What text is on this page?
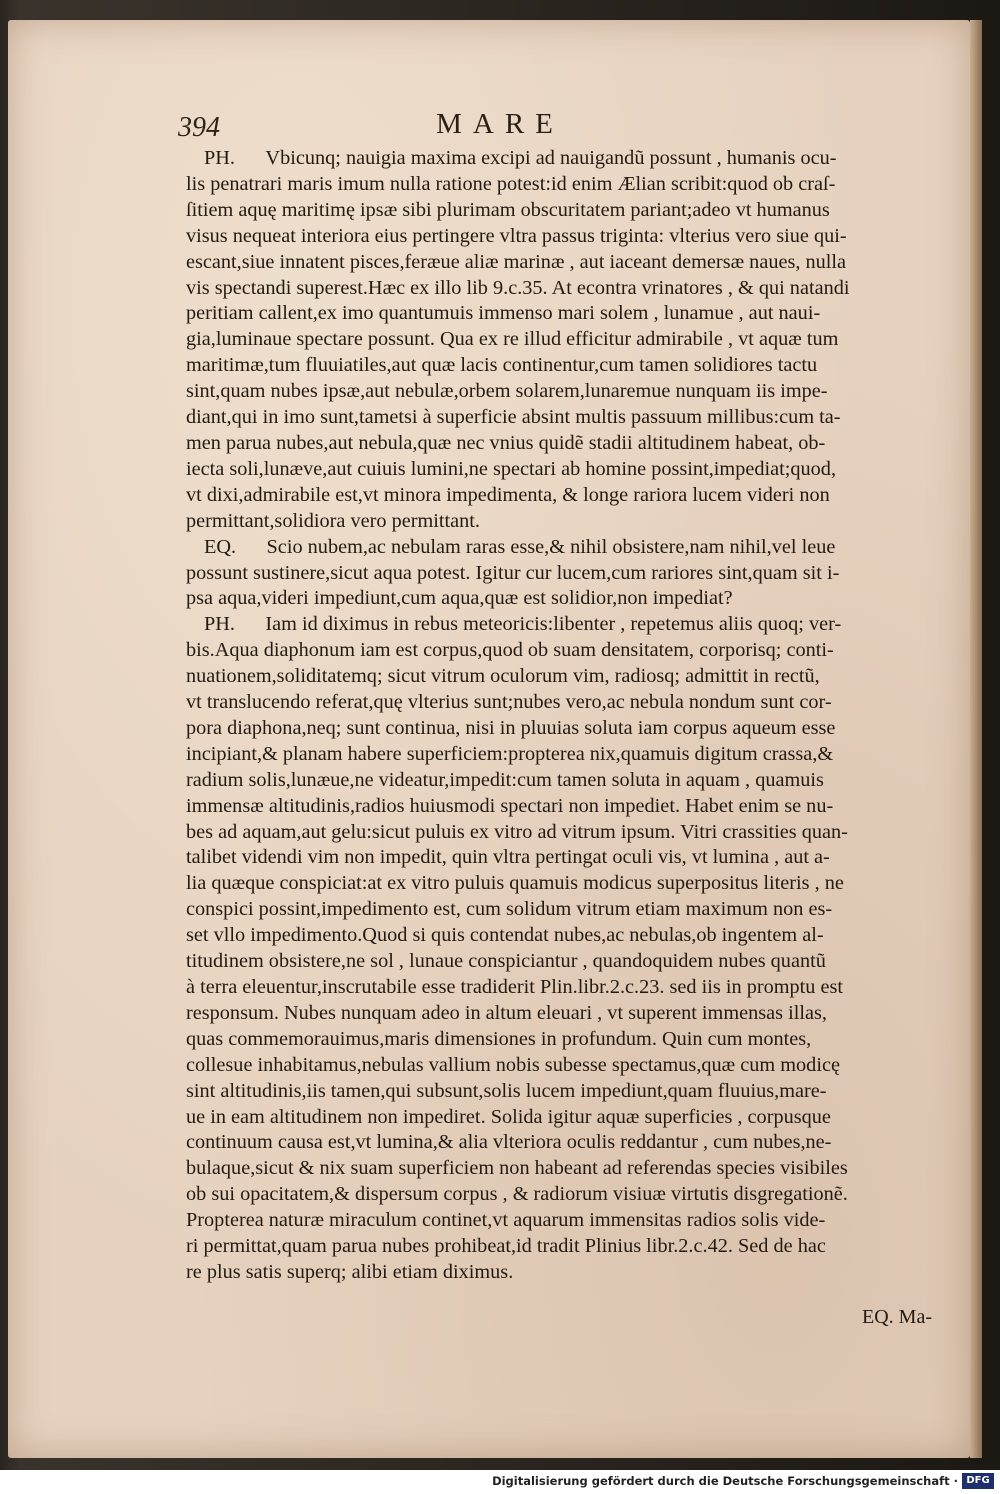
394	MARE
PH.   Vbicunq; nauigia maxima excipi ad nauigandũ possunt , humanis ocu-
lis penatrari maris imum nulla ratione potest:id enim Ælian scribit:quod ob craſ-
ſitiem aquę maritimę ipsæ sibi plurimam obscuritatem pariant;adeo vt humanus
visus nequeat interiora eius pertingere vltra passus triginta: vlterius vero siue qui-
escant,siue innatent pisces,feræue aliæ marinæ , aut iaceant demersæ naues, nulla
vis spectandi superest.Hæc ex illo lib 9.c.35. At econtra vrinatores , & qui natandi
peritiam callent,ex imo quantumuis immenso mari solem , lunamue , aut naui-
gia,luminaue spectare possunt. Qua ex re illud efficitur admirabile , vt aquæ tum
maritimæ,tum fluuiatiles,aut quæ lacis continentur,cum tamen solidiores tactu
sint,quam nubes ipsæ,aut nebulæ,orbem solarem,lunaremue nunquam iis impe-
diant,qui in imo sunt,tametsi à superficie absint multis passuum millibus:cum ta-
men parua nubes,aut nebula,quæ nec vnius quidẽ stadii altitudinem habeat, ob-
iecta soli,lunæve,aut cuiuis lumini,ne spectari ab homine possint,impediat;quod,
vt dixi,admirabile est,vt minora impedimenta, & longe rariora lucem videri non
permittant,solidiora vero permittant.
EQ.   Scio nubem,ac nebulam raras esse,& nihil obsistere,nam nihil,vel leue
possunt sustinere,sicut aqua potest. Igitur cur lucem,cum rariores sint,quam sit i-
psa aqua,videri impediunt,cum aqua,quæ est solidior,non impediat?
PH.   Iam id diximus in rebus meteoricis:libenter , repetemus aliis quoq; ver-
bis.Aqua diaphonum iam est corpus,quod ob suam densitatem, corporisq; conti-
nuationem,soliditatemq; sicut vitrum oculorum vim, radiosq; admittit in rectũ,
vt translucendo referat,quę vlterius sunt;nubes vero,ac nebula nondum sunt cor-
pora diaphona,neq; sunt continua, nisi in pluuias soluta iam corpus aqueum esse
incipiant,& planam habere superficiem:propterea nix,quamuis digitum crassa,&
radium solis,lunæue,ne videatur,impedit:cum tamen soluta in aquam , quamuis
immensæ altitudinis,radios huiusmodi spectari non impediet. Habet enim se nu-
bes ad aquam,aut gelu:sicut puluis ex vitro ad vitrum ipsum. Vitri crassities quan-
talibet videndi vim non impedit, quin vltra pertingat oculi vis, vt lumina , aut a-
lia quæque conspiciat:at ex vitro puluis quamuis modicus superpositus literis , ne
conspici possint,impedimento est, cum solidum vitrum etiam maximum non es-
set vllo impedimento.Quod si quis contendat nubes,ac nebulas,ob ingentem al-
titudinem obsistere,ne sol , lunaue conspiciantur , quandoquidem nubes quantũ
à terra eleuentur,inscrutabile esse tradiderit Plin.libr.2.c.23. sed iis in promptu est
responsum. Nubes nunquam adeo in altum eleuari , vt superent immensas illas,
quas commemorauimus,maris dimensiones in profundum. Quin cum montes,
collesue inhabitamus,nebulas vallium nobis subesse spectamus,quæ cum modicę
sint altitudinis,iis tamen,qui subsunt,solis lucem impediunt,quam fluuius,mare-
ue in eam altitudinem non impediret. Solida igitur aquæ superficies , corpusque
continuum causa est,vt lumina,& alia vlteriora oculis reddantur , cum nubes,ne-
bulaque,sicut & nix suam superficiem non habeant ad referendas species visibiles
ob sui opacitatem,& dispersum corpus , & radiorum visiuæ virtutis disgregationẽ.
Propterea naturæ miraculum continet,vt aquarum immensitas radios solis vide-
ri permittat,quam parua nubes prohibeat,id tradit Plinius libr.2.c.42. Sed de hac
re plus satis superq; alibi etiam diximus.
EQ. Ma-
Digitalisierung gefördert durch die Deutsche Forschungsgemeinschaft · DFG
